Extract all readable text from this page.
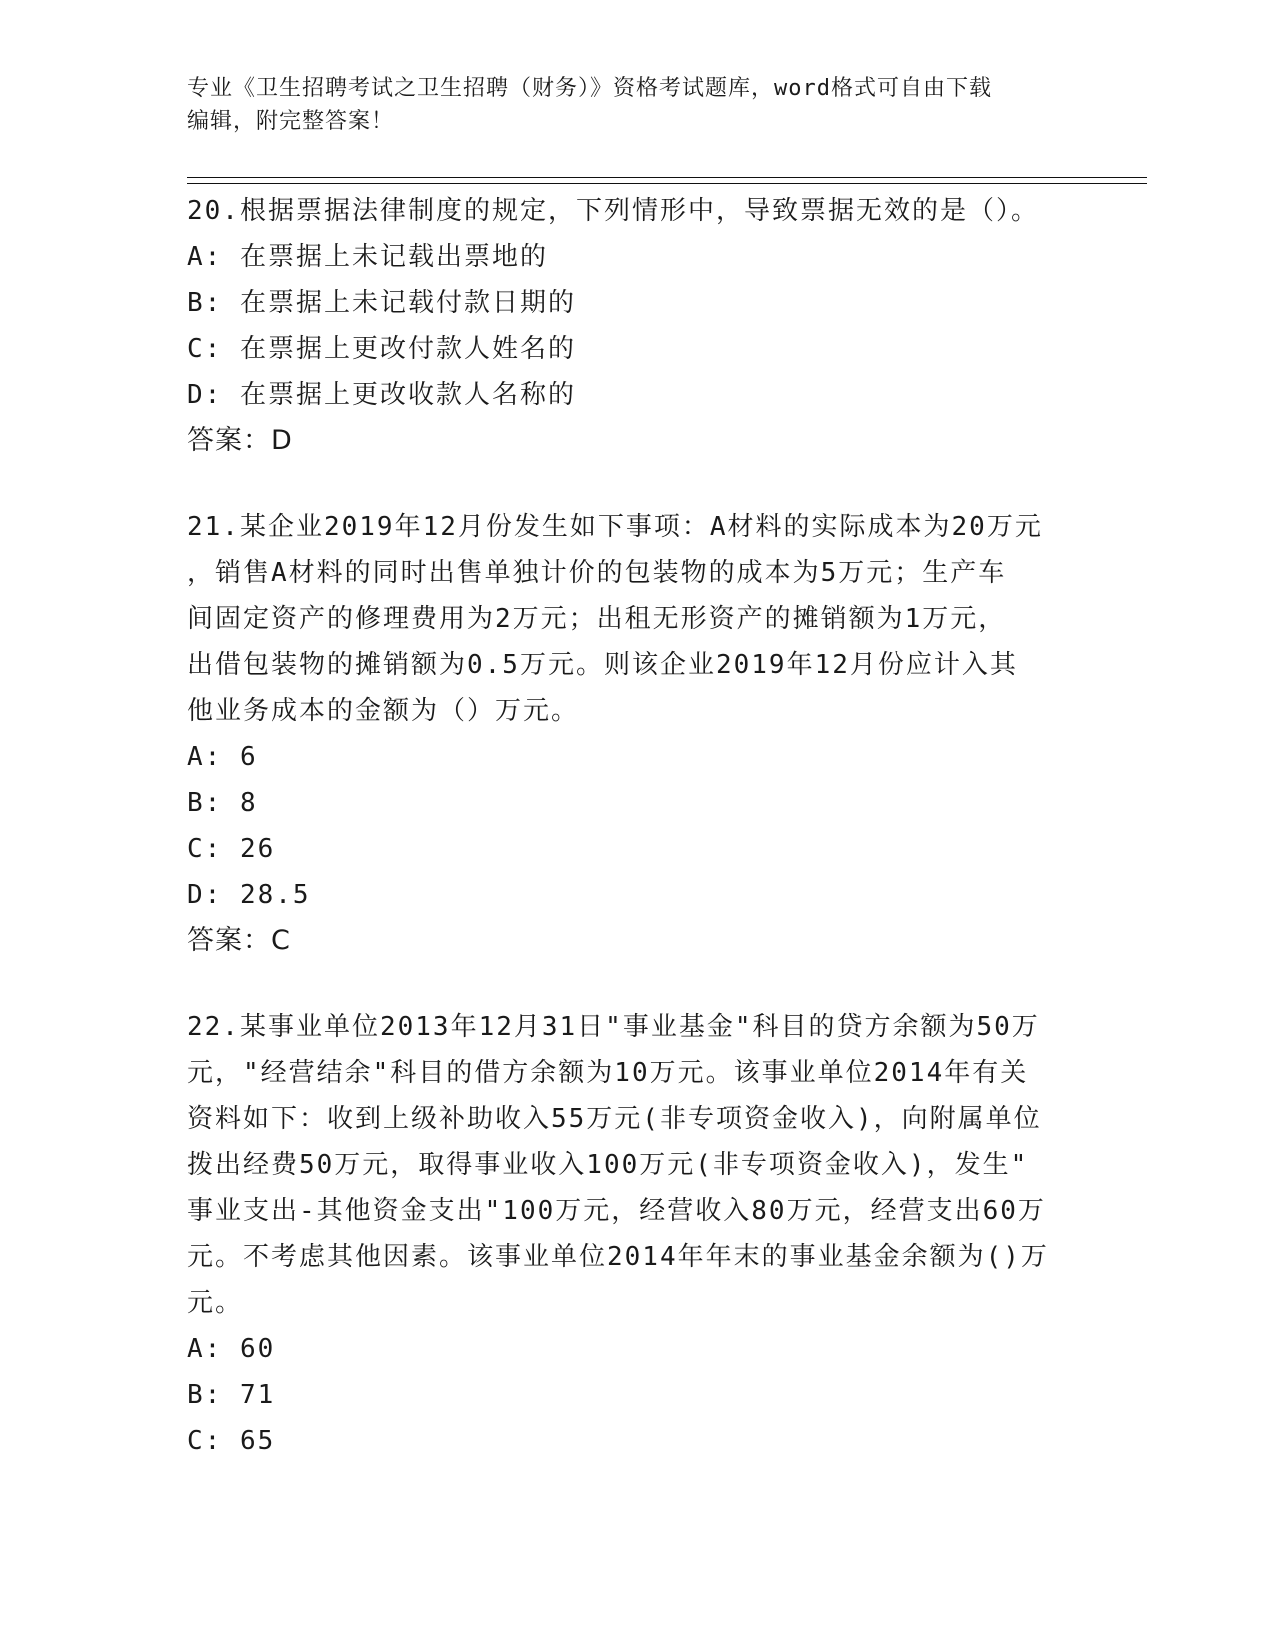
专业《卫生招聘考试之卫生招聘（财务）》资格考试题库，word格式可自由下载
编辑，附完整答案！

20.根据票据法律制度的规定，下列情形中，导致票据无效的是（）。

A: 在票据上未记载出票地的

B: 在票据上未记载付款日期的

C: 在票据上更改付款人姓名的

D: 在票据上更改收款人名称的

答案：D

21.某企业2019年12月份发生如下事项：A材料的实际成本为20万元

，销售A材料的同时出售单独计价的包装物的成本为5万元；生产车

间固定资产的修理费用为2万元；出租无形资产的摊销额为1万元，

出借包装物的摊销额为0.5万元。则该企业2019年12月份应计入其

他业务成本的金额为（）万元。

A: 6

B: 8

C: 26

D: 28.5

答案：C

22.某事业单位2013年12月31日"事业基金"科目的贷方余额为50万

元，"经营结余"科目的借方余额为10万元。该事业单位2014年有关

资料如下：收到上级补助收入55万元(非专项资金收入)，向附属单位

拨出经费50万元，取得事业收入100万元(非专项资金收入)，发生"

事业支出-其他资金支出"100万元，经营收入80万元，经营支出60万

元。不考虑其他因素。该事业单位2014年年末的事业基金余额为()万

元。

A: 60

B: 71

C: 65
